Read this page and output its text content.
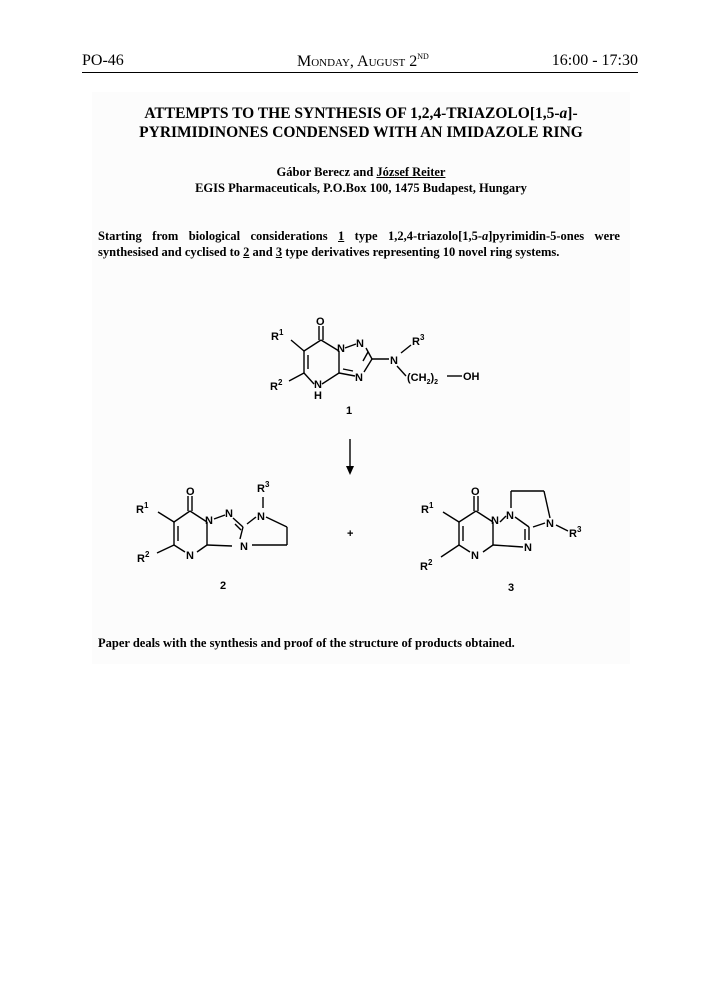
PO-46	Monday, August 2ND	16:00 - 17:30
ATTEMPTS TO THE SYNTHESIS OF 1,2,4-TRIAZOLO[1,5-a]-
PYRIMIDINONES CONDENSED WITH AN IMIDAZOLE RING
Gábor Berecz and József Reiter
EGIS Pharmaceuticals, P.O.Box 100, 1475 Budapest, Hungary
Starting from biological considerations 1 type 1,2,4-triazolo[1,5-a]pyrimidin-5-ones were synthesised and cyclised to 2 and 3 type derivatives representing 10 novel ring systems.
Paper deals with the synthesis and proof of the structure of products obtained.
O
N N
N
N
H
N
$R^1$
$R^2$
$R^3$
$(CH_2)_2$ OH
1
O
N
N N
N
N
$R^3$
$R^1$
$R^2$
2
+
O
N N
N
N
N
$R^3$
$R^1$
$R^2$
3
